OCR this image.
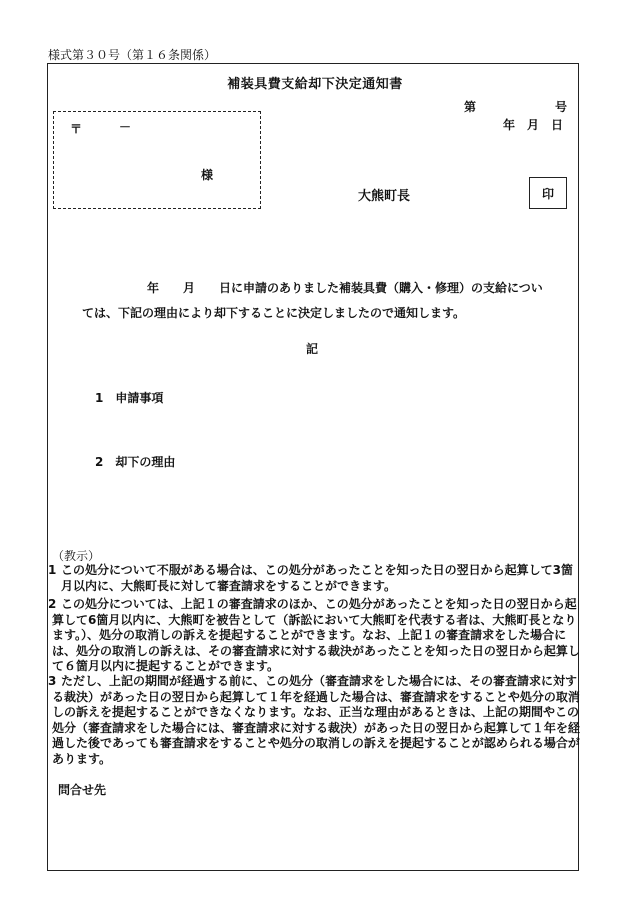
様式第３０号（第１６条関係）
補装具費支給却下決定通知書
第	号
年　月　日
〒	－
様
大熊町長	印
年　　月　　日に申請のありました補装具費（購入・修理）の支給につい
ては、下記の理由により却下することに決定しましたので通知します。
記
1　申請事項
2　却下の理由
（教示）
1 この処分について不服がある場合は、この処分があったことを知った日の翌日から起算して3箇月以内に、大熊町長に対して審査請求をすることができます。
2 この処分については、上記１の審査請求のほか、この処分があったことを知った日の翌日から起算して6箇月以内に、大熊町を被告として（訴訟において大熊町を代表する者は、大熊町長となります。）、処分の取消しの訴えを提起することができます。なお、上記１の審査請求をした場合には、処分の取消しの訴えは、その審査請求に対する裁決があったことを知った日の翌日から起算して６箇月以内に提起することができます。
3 ただし、上記の期間が経過する前に、この処分（審査請求をした場合には、その審査請求に対する裁決）があった日の翌日から起算して１年を経過した場合は、審査請求をすることや処分の取消しの訴えを提起することができなくなります。なお、正当な理由があるときは、上記の期間やこの処分（審査請求をした場合には、審査請求に対する裁決）があった日の翌日から起算して１年を経過した後であっても審査請求をすることや処分の取消しの訴えを提起することが認められる場合があります。
問合せ先
